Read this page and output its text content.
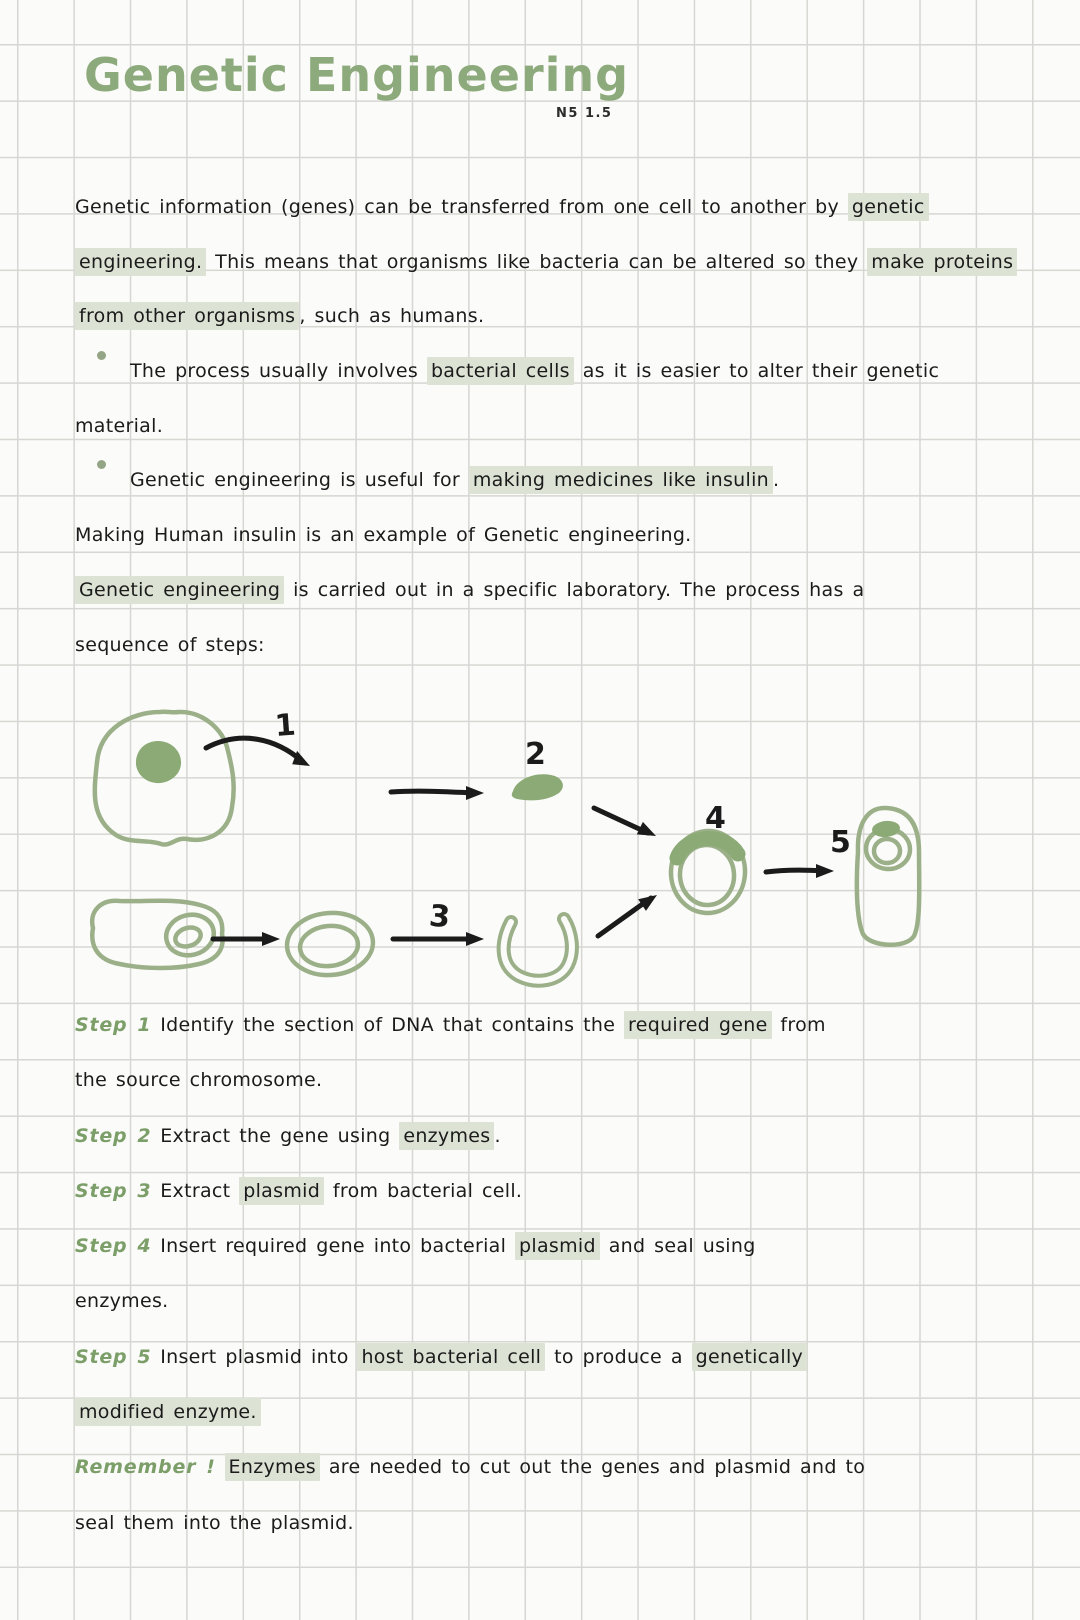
Genetic Engineering
N5 1.5
Genetic information (genes) can be transferred from one cell to another by genetic
engineering. This means that organisms like bacteria can be altered so they make proteins
from other organisms , such as humans.
The process usually involves bacterial cells as it is easier to alter their genetic
material.
Genetic engineering is useful for making medicines like insulin .
Making Human insulin is an example of Genetic engineering.
Genetic engineering is carried out in a specific laboratory. The process has a
sequence of steps:
1
2
3
4
5
Step 1 Identify the section of DNA that contains the required gene from
the source chromosome.
Step 2 Extract the gene using enzymes .
Step 3 Extract plasmid from bacterial cell.
Step 4 Insert required gene into bacterial plasmid and seal using
enzymes.
Step 5 Insert plasmid into host bacterial cell to produce a genetically
modified enzyme.
Remember ! Enzymes are needed to cut out the genes and plasmid and to
seal them into the plasmid.
